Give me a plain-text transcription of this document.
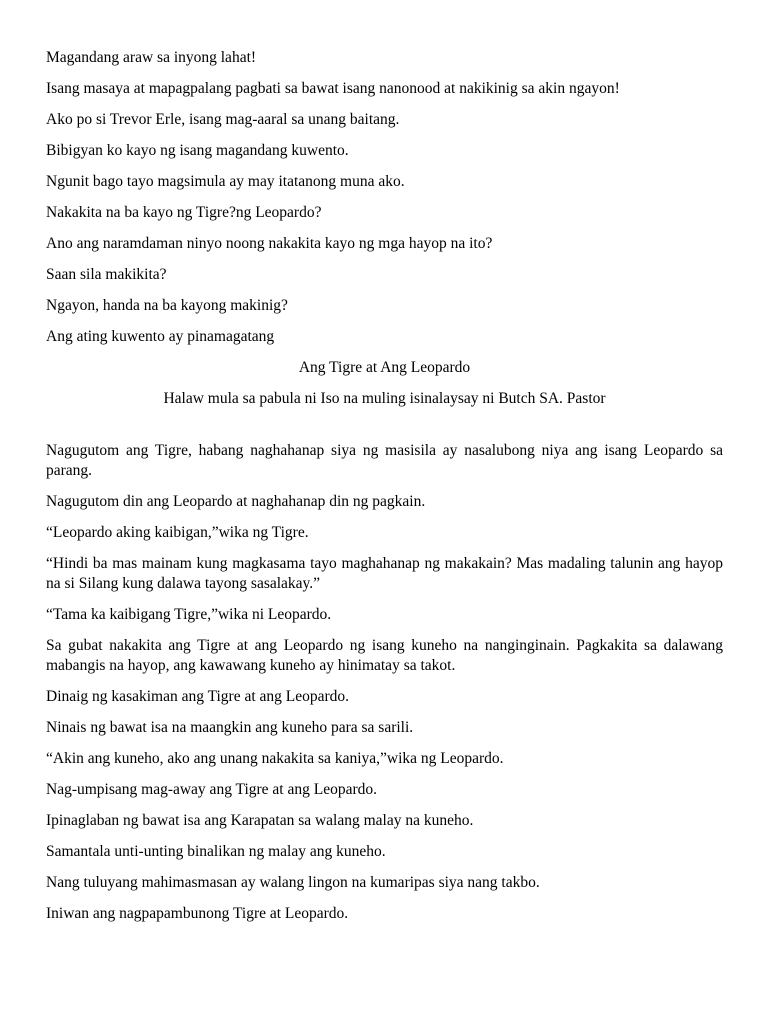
Magandang araw sa inyong lahat!

Isang masaya at mapagpalang pagbati sa bawat isang nanonood at nakikinig sa akin ngayon!

Ako po si Trevor Erle, isang mag-aaral sa unang baitang.

Bibigyan ko kayo ng isang magandang kuwento.

Ngunit bago tayo magsimula ay may itatanong muna ako.

Nakakita na ba kayo ng Tigre?ng Leopardo?

Ano ang naramdaman ninyo noong nakakita kayo ng mga hayop na ito?

Saan sila makikita?

Ngayon, handa na ba kayong makinig?

Ang ating kuwento ay pinamagatang

Ang Tigre at Ang Leopardo

Halaw mula sa pabula ni Iso na muling isinalaysay ni Butch SA. Pastor

Nagugutom ang Tigre, habang naghahanap siya ng masisila ay nasalubong niya ang isang Leopardo sa parang.

Nagugutom din ang Leopardo at naghahanap din ng pagkain.

“Leopardo aking kaibigan,”wika ng Tigre.

“Hindi ba mas mainam kung magkasama tayo maghahanap ng makakain? Mas madaling talunin ang hayop na si Silang kung dalawa tayong sasalakay.”

“Tama ka kaibigang Tigre,”wika ni Leopardo.

Sa gubat nakakita ang Tigre at ang Leopardo ng isang kuneho na nanginginain. Pagkakita sa dalawang mabangis na hayop, ang kawawang kuneho ay hinimatay sa takot.

Dinaig ng kasakiman ang Tigre at ang Leopardo.

Ninais ng bawat isa na maangkin ang kuneho para sa sarili.

“Akin ang kuneho, ako ang unang nakakita sa kaniya,”wika ng Leopardo.

Nag-umpisang mag-away ang Tigre at ang Leopardo.

Ipinaglaban ng bawat isa ang Karapatan sa walang malay na kuneho.

Samantala unti-unting binalikan ng malay ang kuneho.

Nang tuluyang mahimasmasan ay walang lingon na kumaripas siya nang takbo.

Iniwan ang nagpapambunong Tigre at Leopardo.
